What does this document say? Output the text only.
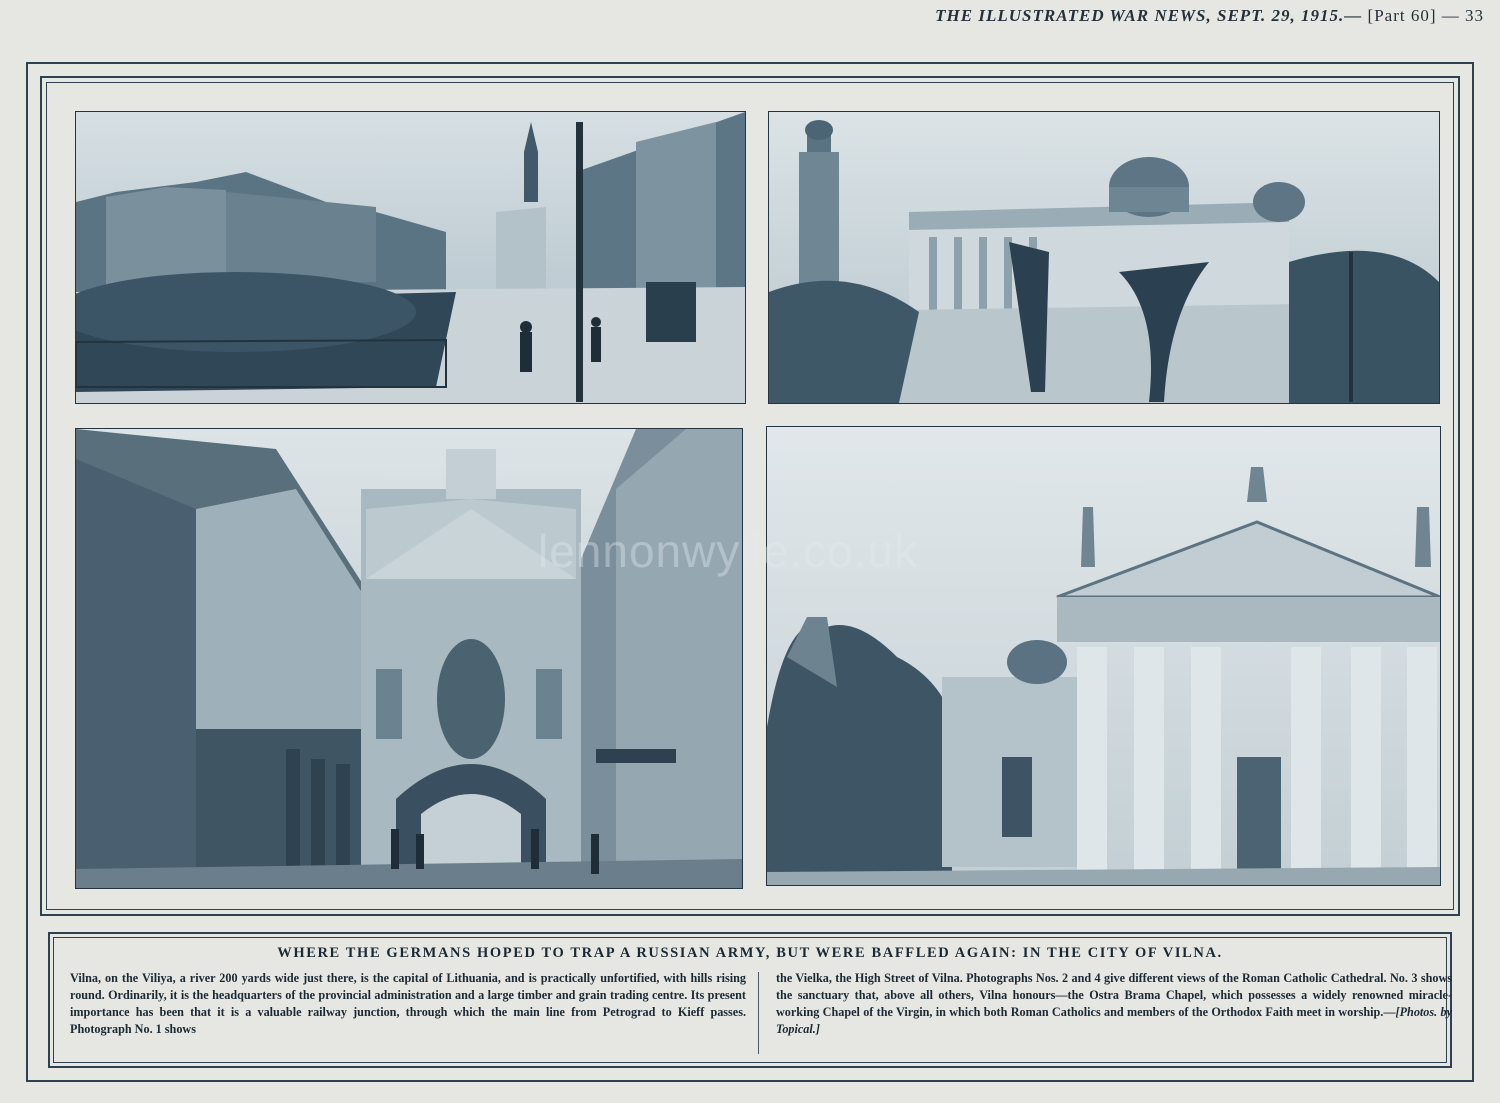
THE ILLUSTRATED WAR NEWS, SEPT. 29, 1915.— [Part 60] — 33
lennonwylie.co.uk
WHERE THE GERMANS HOPED TO TRAP A RUSSIAN ARMY, BUT WERE BAFFLED AGAIN: IN THE CITY OF VILNA.
Vilna, on the Viliya, a river 200 yards wide just there, is the capital of Lithuania, and is practically unfortified, with hills rising round. Ordinarily, it is the headquarters of the provincial administration and a large timber and grain trading centre. Its present importance has been that it is a valuable railway junction, through which the main line from Petrograd to Kieff passes. Photograph No. 1 shows
the Vielka, the High Street of Vilna. Photographs Nos. 2 and 4 give different views of the Roman Catholic Cathedral. No. 3 shows the sanctuary that, above all others, Vilna honours—the Ostra Brama Chapel, which possesses a widely renowned miracle-working Chapel of the Virgin, in which both Roman Catholics and members of the Orthodox Faith meet in worship.—[Photos. by Topical.]
